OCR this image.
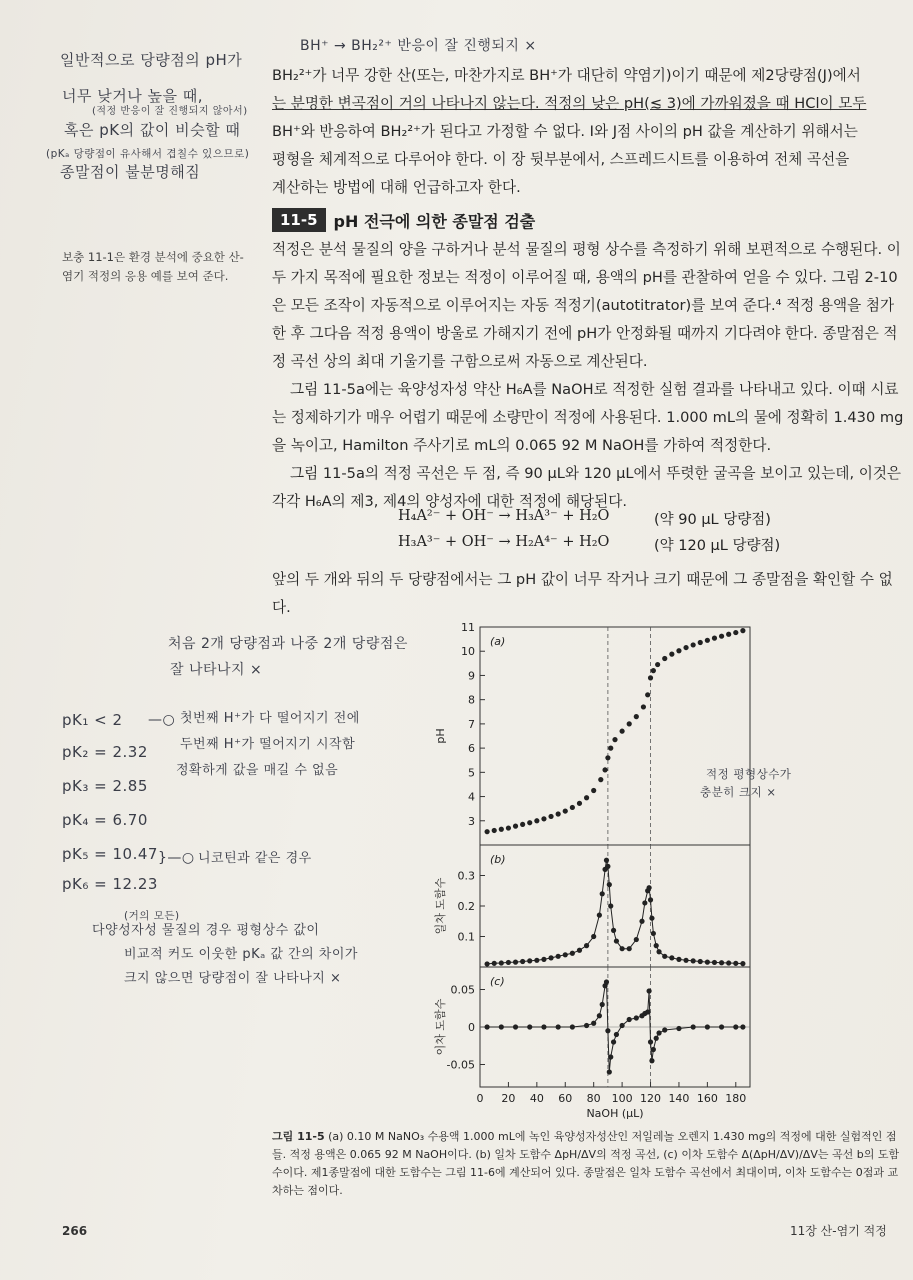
BH⁺ → BH₂²⁺ 반응이 잘 진행되지 ×
일반적으로 당량점의 pH가
너무 낮거나 높을 때,
(적정 반응이 잘 진행되지 않아서)
혹은 pK의 값이 비슷할 때
(pKₐ 당량점이 유사해서 겹칠수 있으므로)
종말점이 불분명해짐

BH₂²⁺가 너무 강한 산(또는, 마찬가지로 BH⁺가 대단히 약염기)이기 때문에 제2당량점(J)에서

는 분명한 변곡점이 거의 나타나지 않는다. 적정의 낮은 pH(≲ 3)에 가까워졌을 때 HCl이 모두

BH⁺와 반응하여 BH₂²⁺가 된다고 가정할 수 없다. I와 J점 사이의 pH 값을 계산하기 위해서는

평형을 체계적으로 다루어야 한다. 이 장 뒷부분에서, 스프레드시트를 이용하여 전체 곡선을

계산하는 방법에 대해 언급하고자 한다.

11-5	pH 전극에 의한 종말점 검출
보충 11-1은 환경 분석에 중요한 산-염기 적정의 응용 예를 보여 준다.

적정은 분석 물질의 양을 구하거나 분석 물질의 평형 상수를 측정하기 위해 보편적으로 수행된다. 이 두 가지 목적에 필요한 정보는 적정이 이루어질 때, 용액의 pH를 관찰하여 얻을 수 있다. 그림 2-10은 모든 조작이 자동적으로 이루어지는 자동 적정기(autotitrator)를 보여 준다.⁴ 적정 용액을 첨가한 후 그다음 적정 용액이 방울로 가해지기 전에 pH가 안정화될 때까지 기다려야 한다. 종말점은 적정 곡선 상의 최대 기울기를 구함으로써 자동으로 계산된다.

그림 11-5a에는 육양성자성 약산 H₆A를 NaOH로 적정한 실험 결과를 나타내고 있다. 이때 시료는 정제하기가 매우 어렵기 때문에 소량만이 적정에 사용된다. 1.000 mL의 물에 정확히 1.430 mg을 녹이고, Hamilton 주사기로 mL의 0.065 92 M NaOH를 가하여 적정한다.

그림 11-5a의 적정 곡선은 두 점, 즉 90 μL와 120 μL에서 뚜렷한 굴곡을 보이고 있는데, 이것은 각각 H₆A의 제3, 제4의 양성자에 대한 적정에 해당된다.

H₄A²⁻ + OH⁻ → H₃A³⁻ + H₂O	(약 90 μL 당량점)
H₃A³⁻ + OH⁻ → H₂A⁴⁻ + H₂O	(약 120 μL 당량점)
앞의 두 개와 뒤의 두 당량점에서는 그 pH 값이 너무 작거나 크기 때문에 그 종말점을 확인할 수 없다.
처음 2개 당량점과 나중 2개 당량점은
잘 나타나지 ×
pK₁ < 2
pK₂ = 2.32
pK₃ = 2.85
pK₄ = 6.70
pK₅ = 10.47
pK₆ = 12.23
—○ 첫번째 H⁺가 다 떨어지기 전에
두번째 H⁺가 떨어지기 시작함
정확하게 값을 매길 수 없음
}—○ 니코틴과 같은 경우
(거의 모든)
다양성자성 물질의 경우 평형상수 값이
비교적 커도 이웃한 pKₐ 값 간의 차이가
크지 않으면 당량점이 잘 나타나지 ×
3
4
5
6
7
8
9
10
11
pH
(a)
0.1
0.2
0.3
일차 도함수
(b)
-0.05
0
0.05
이차 도함수
(c)
0 20 40 60 80 100 120 140 160 180
NaOH (μL)
적정 평형상수가
충분히 크지 ×
그림 11-5 (a) 0.10 M NaNO₃ 수용액 1.000 mL에 녹인 육양성자성산인 저일레놀 오렌지 1.430 mg의 적정에 대한 실험적인 점들. 적정 용액은 0.065 92 M NaOH이다. (b) 일차 도함수 ΔpH/ΔV의 적정 곡선, (c) 이차 도함수 Δ(ΔpH/ΔV)/ΔV는 곡선 b의 도함수이다. 제1종말점에 대한 도함수는 그림 11-6에 계산되어 있다. 종말점은 일차 도함수 곡선에서 최대이며, 이차 도함수는 0점과 교차하는 점이다.
266	11장 산-염기 적정
